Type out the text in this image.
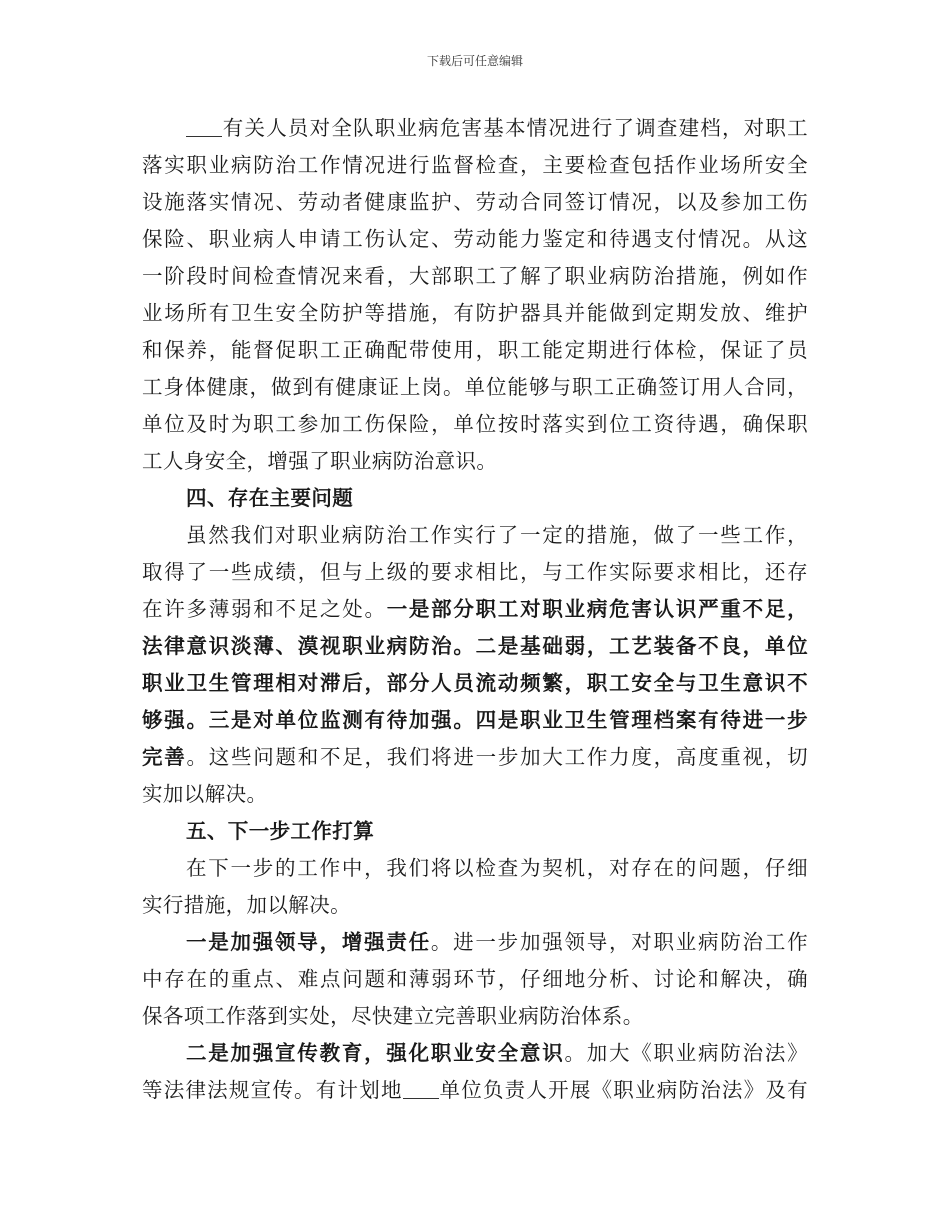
下载后可任意编辑
有关人员对全队职业病危害基本情况进行了调查建档，对职工
落实职业病防治工作情况进行监督检查，主要检查包括作业场所安全
设施落实情况、劳动者健康监护、劳动合同签订情况，以及参加工伤
保险、职业病人申请工伤认定、劳动能力鉴定和待遇支付情况。从这
一阶段时间检查情况来看，大部职工了解了职业病防治措施，例如作
业场所有卫生安全防护等措施，有防护器具并能做到定期发放、维护
和保养，能督促职工正确配带使用，职工能定期进行体检，保证了员
工身体健康，做到有健康证上岗。单位能够与职工正确签订用人合同，
单位及时为职工参加工伤保险，单位按时落实到位工资待遇，确保职
工人身安全，增强了职业病防治意识。
四、存在主要问题
虽然我们对职业病防治工作实行了一定的措施，做了一些工作，
取得了一些成绩，但与上级的要求相比，与工作实际要求相比，还存
在许多薄弱和不足之处。一是部分职工对职业病危害认识严重不足，
法律意识淡薄、漠视职业病防治。二是基础弱，工艺装备不良，单位
职业卫生管理相对滞后，部分人员流动频繁，职工安全与卫生意识不
够强。三是对单位监测有待加强。四是职业卫生管理档案有待进一步
完善。这些问题和不足，我们将进一步加大工作力度，高度重视，切
实加以解决。
五、下一步工作打算
在下一步的工作中，我们将以检查为契机，对存在的问题，仔细
实行措施，加以解决。
一是加强领导，增强责任。进一步加强领导，对职业病防治工作
中存在的重点、难点问题和薄弱环节，仔细地分析、讨论和解决，确
保各项工作落到实处，尽快建立完善职业病防治体系。
二是加强宣传教育，强化职业安全意识。加大《职业病防治法》
等法律法规宣传。有计划地 单位负责人开展《职业病防治法》及有
